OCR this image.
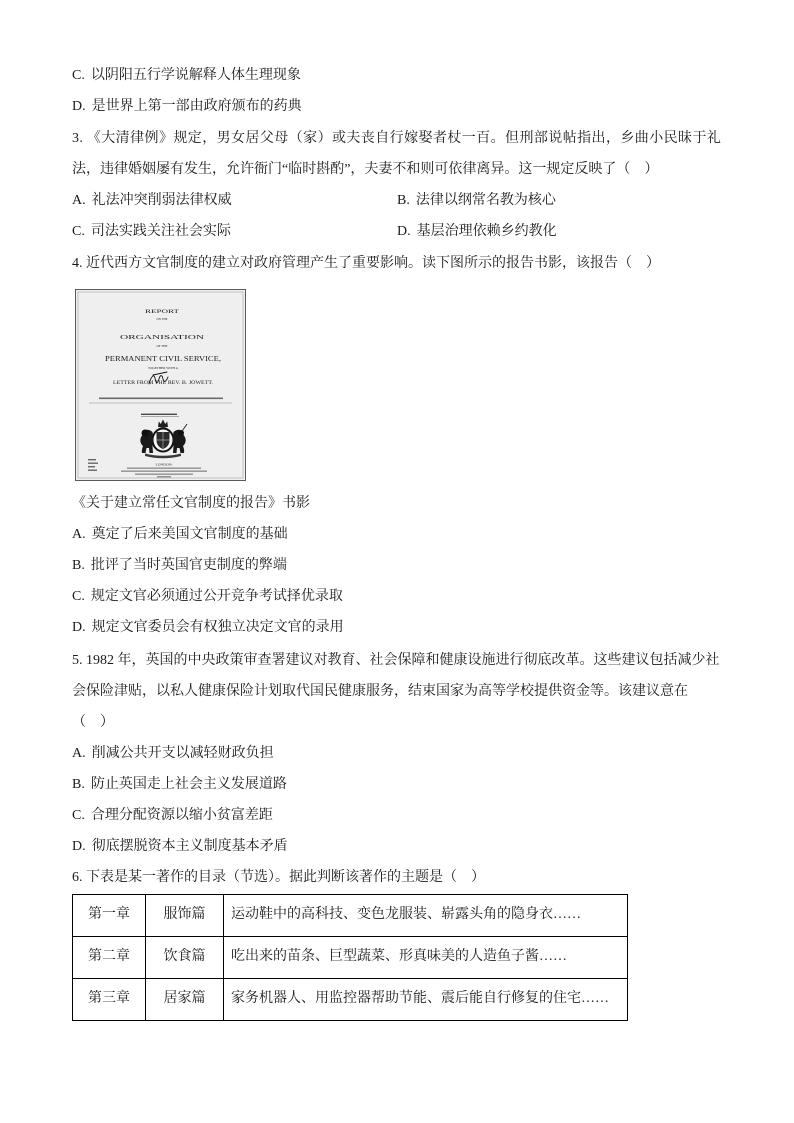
C. 以阴阳五行学说解释人体生理现象
D. 是世界上第一部由政府颁布的药典
3. 《大清律例》规定，男女居父母（家）或夫丧自行嫁娶者杖一百。但刑部说帖指出，乡曲小民昧于礼
法，违律婚姻屡有发生，允许衙门“临时斟酌”，夫妻不和则可依律离异。这一规定反映了（　）
A. 礼法冲突削弱法律权威	B. 法律以纲常名教为核心
C. 司法实践关注社会实际	D. 基层治理依赖乡约教化
4. 近代西方文官制度的建立对政府管理产生了重要影响。读下图所示的报告书影，该报告（　）
REPORT
ON THE
ORGANISATION
OF THE
PERMANENT CIVIL SERVICE,
TOGETHER WITH A
LETTER FROM THE REV. B. JOWETT.
LONDON:
《关于建立常任文官制度的报告》书影
A. 奠定了后来美国文官制度的基础
B. 批评了当时英国官吏制度的弊端
C. 规定文官必须通过公开竞争考试择优录取
D. 规定文官委员会有权独立决定文官的录用
5. 1982 年，英国的中央政策审查署建议对教育、社会保障和健康设施进行彻底改革。这些建议包括减少社
会保险津贴，以私人健康保险计划取代国民健康服务，结束国家为高等学校提供资金等。该建议意在
（　）
A. 削减公共开支以减轻财政负担
B. 防止英国走上社会主义发展道路
C. 合理分配资源以缩小贫富差距
D. 彻底摆脱资本主义制度基本矛盾
6. 下表是某一著作的目录（节选）。据此判断该著作的主题是（　）
第一章	服饰篇	运动鞋中的高科技、变色龙服装、崭露头角的隐身衣……
第二章	饮食篇	吃出来的苗条、巨型蔬菜、形真味美的人造鱼子酱……
第三章	居家篇	家务机器人、用监控器帮助节能、震后能自行修复的住宅……
